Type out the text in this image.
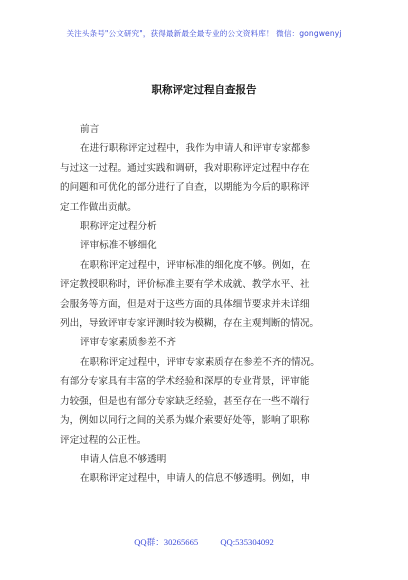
关注头条号"公文研究"，获得最新最全最专业的公文资料库！ 微信：gongwenyj
职称评定过程自查报告
前言
在进行职称评定过程中，我作为申请人和评审专家都参
与过这一过程。通过实践和调研，我对职称评定过程中存在
的问题和可优化的部分进行了自查，以期能为今后的职称评
定工作做出贡献。
职称评定过程分析
评审标准不够细化
在职称评定过程中，评审标准的细化度不够。例如，在
评定教授职称时，评价标准主要有学术成就、教学水平、社
会服务等方面，但是对于这些方面的具体细节要求并未详细
列出，导致评审专家评测时较为模糊，存在主观判断的情况。
评审专家素质参差不齐
在职称评定过程中，评审专家素质存在参差不齐的情况。
有部分专家具有丰富的学术经验和深厚的专业背景，评审能
力较强，但是也有部分专家缺乏经验，甚至存在一些不端行
为，例如以同行之间的关系为媒介索要好处等，影响了职称
评定过程的公正性。
申请人信息不够透明
在职称评定过程中，申请人的信息不够透明。例如，申
QQ群：30265665	QQ:535304092
